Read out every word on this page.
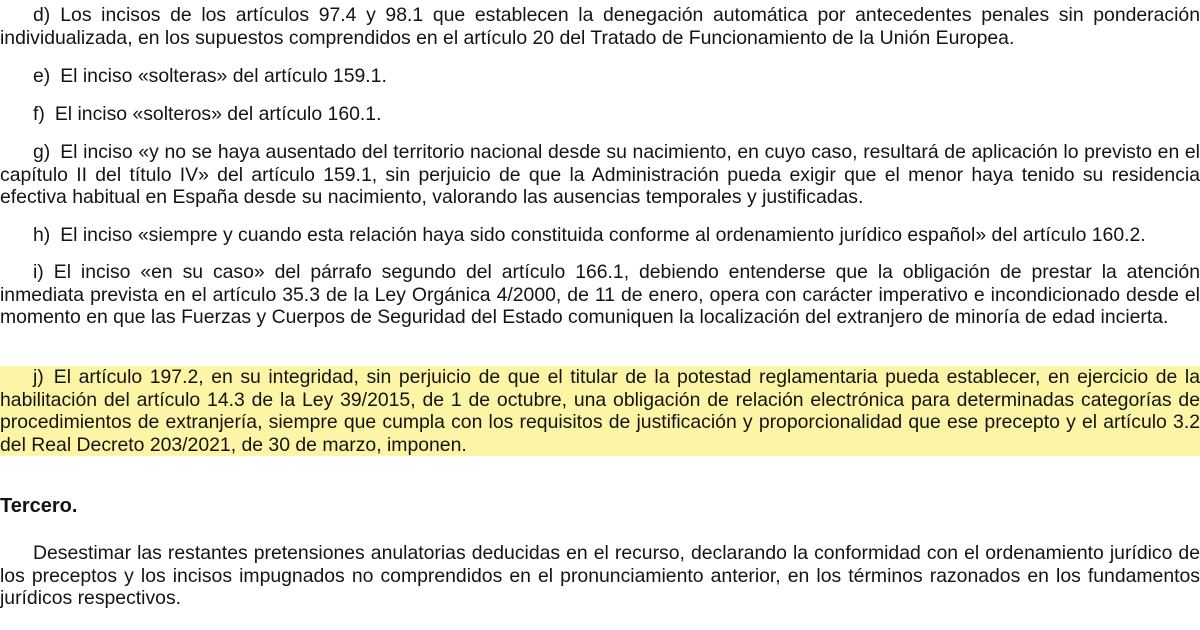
d) Los incisos de los artículos 97.4 y 98.1 que establecen la denegación automática por antecedentes penales sin ponderación individualizada, en los supuestos comprendidos en el artículo 20 del Tratado de Funcionamiento de la Unión Europea.

e) El inciso «solteras» del artículo 159.1.

f) El inciso «solteros» del artículo 160.1.

g) El inciso «y no se haya ausentado del territorio nacional desde su nacimiento, en cuyo caso, resultará de aplicación lo previsto en el capítulo II del título IV» del artículo 159.1, sin perjuicio de que la Administración pueda exigir que el menor haya tenido su residencia efectiva habitual en España desde su nacimiento, valorando las ausencias temporales y justificadas.

h) El inciso «siempre y cuando esta relación haya sido constituida conforme al ordenamiento jurídico español» del artículo 160.2.

i) El inciso «en su caso» del párrafo segundo del artículo 166.1, debiendo entenderse que la obligación de prestar la atención inmediata prevista en el artículo 35.3 de la Ley Orgánica 4/2000, de 11 de enero, opera con carácter imperativo e incondicionado desde el momento en que las Fuerzas y Cuerpos de Seguridad del Estado comuniquen la localización del extranjero de minoría de edad incierta.

j) El artículo 197.2, en su integridad, sin perjuicio de que el titular de la potestad reglamentaria pueda establecer, en ejercicio de la habilitación del artículo 14.3 de la Ley 39/2015, de 1 de octubre, una obligación de relación electrónica para determinadas categorías de procedimientos de extranjería, siempre que cumpla con los requisitos de justificación y proporcionalidad que ese precepto y el artículo 3.2 del Real Decreto 203/2021, de 30 de marzo, imponen.

Tercero.

Desestimar las restantes pretensiones anulatorias deducidas en el recurso, declarando la conformidad con el ordenamiento jurídico de los preceptos y los incisos impugnados no comprendidos en el pronunciamiento anterior, en los términos razonados en los fundamentos jurídicos respectivos.
